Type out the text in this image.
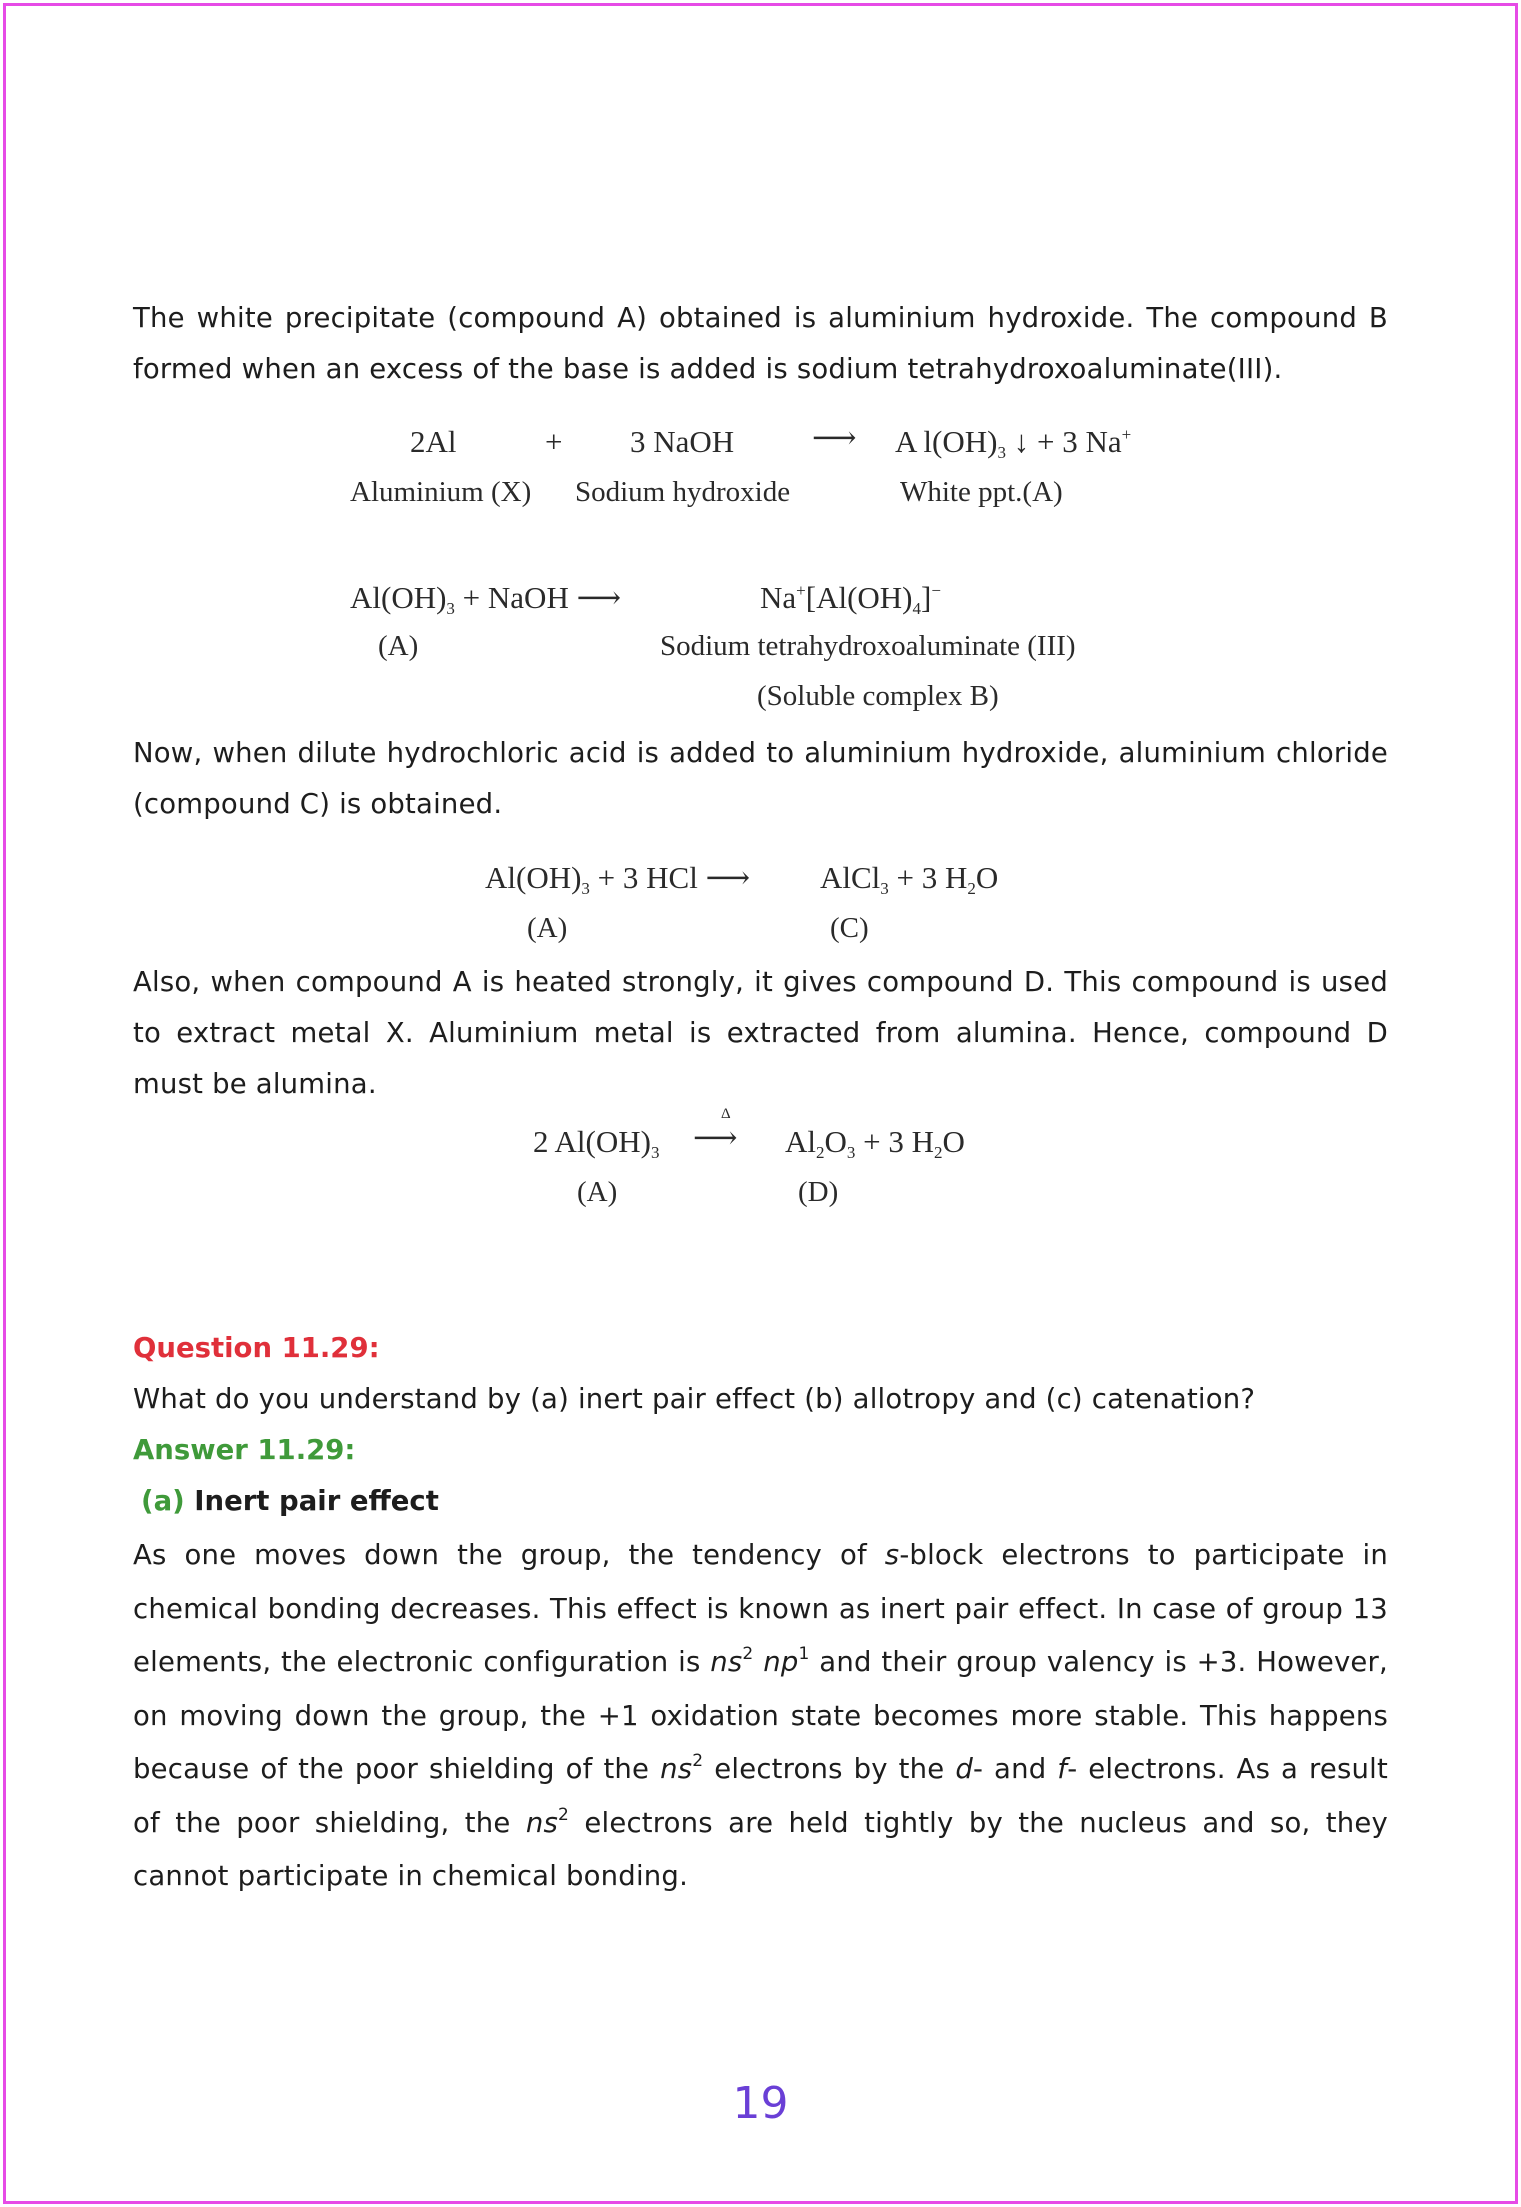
The white precipitate (compound A) obtained is aluminium hydroxide. The compound B formed when an excess of the base is added is sodium tetrahydroxoaluminate(III).

2Al	+ 3 NaOH	⟶ A $l(OH)_3$ ↓ + 3 Na+
Aluminium (X) Sodium hydroxide	White ppt.(A)
$Al(OH)_3$ + NaOH ⟶	$Na^+[Al(OH)_4]^-$
(A)	Sodium tetrahydroxoaluminate (III)
(Soluble complex B)

Now, when dilute hydrochloric acid is added to aluminium hydroxide, aluminium chloride (compound C) is obtained.

$Al(OH)_3 + 3$ HCl ⟶ AlCl$_3$ + 3 $H_2O$
(A)	(C)

Also, when compound A is heated strongly, it gives compound D. This compound is used to extract metal X. Aluminium metal is extracted from alumina. Hence, compound D must be alumina.

2 $Al(OH)_3$
Δ
⟶ $Al_2O_3 + 3$ $H_2O$
(A)	(D)
Question 11.29:

What do you understand by (a) inert pair effect (b) allotropy and (c) catenation?

Answer 11.29:
(a) Inert pair effect

As one moves down the group, the tendency of s-block electrons to participate in chemical bonding decreases. This effect is known as inert pair effect. In case of group 13 elements, the electronic configuration is $ns^2$ $np^1$ and their group valency is +3. However, on moving down the group, the +1 oxidation state becomes more stable. This happens because of the poor shielding of the $ns^2$ electrons by the d- and f- electrons. As a result of the poor shielding, the $ns^2$ electrons are held tightly by the nucleus and so, they cannot participate in chemical bonding.

19
